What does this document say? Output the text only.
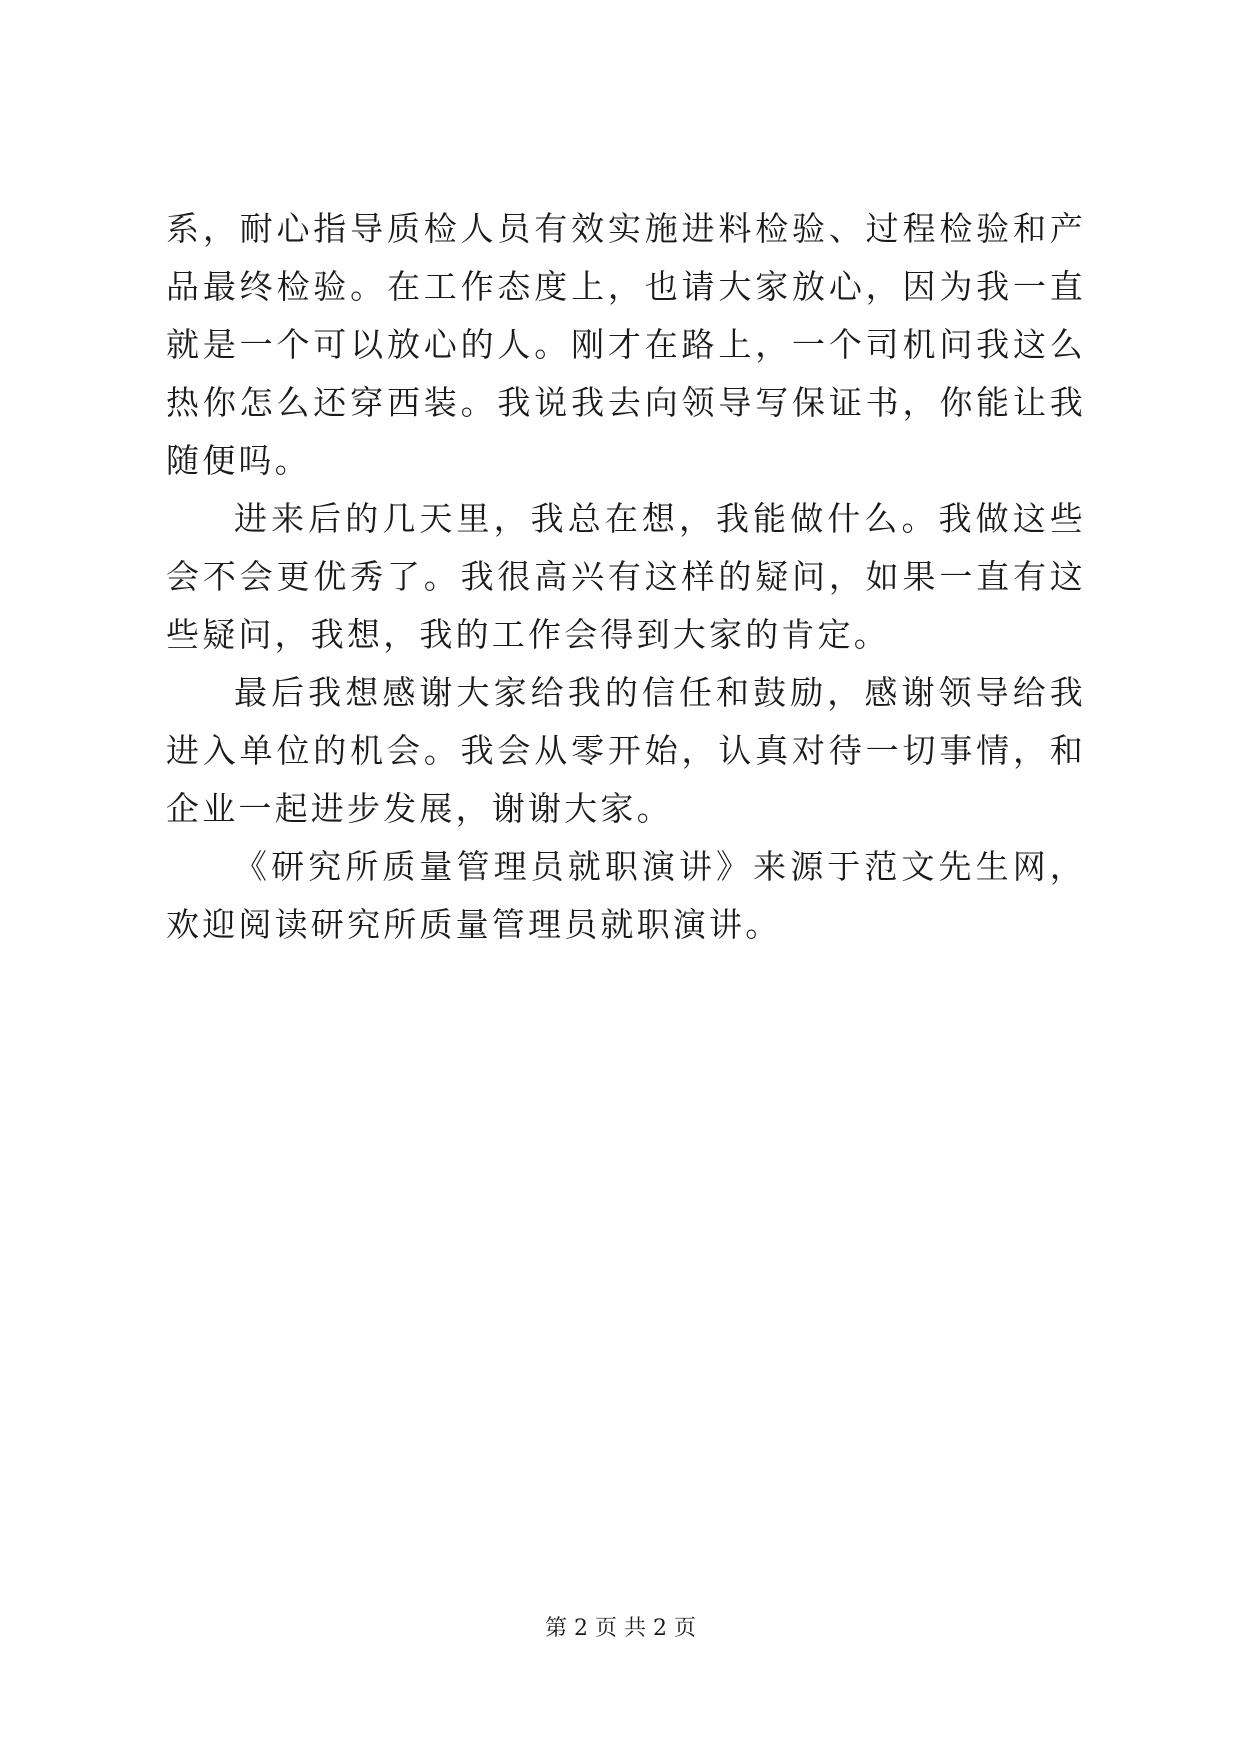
系，耐心指导质检人员有效实施进料检验、过程检验和产品最终检验。在工作态度上，也请大家放心，因为我一直就是一个可以放心的人。刚才在路上，一个司机问我这么热你怎么还穿西装。我说我去向领导写保证书，你能让我随便吗。

进来后的几天里，我总在想，我能做什么。我做这些会不会更优秀了。我很高兴有这样的疑问，如果一直有这些疑问，我想，我的工作会得到大家的肯定。

最后我想感谢大家给我的信任和鼓励，感谢领导给我进入单位的机会。我会从零开始，认真对待一切事情，和企业一起进步发展，谢谢大家。

《研究所质量管理员就职演讲》来源于范文先生网，欢迎阅读研究所质量管理员就职演讲。

第 2 页 共 2 页
